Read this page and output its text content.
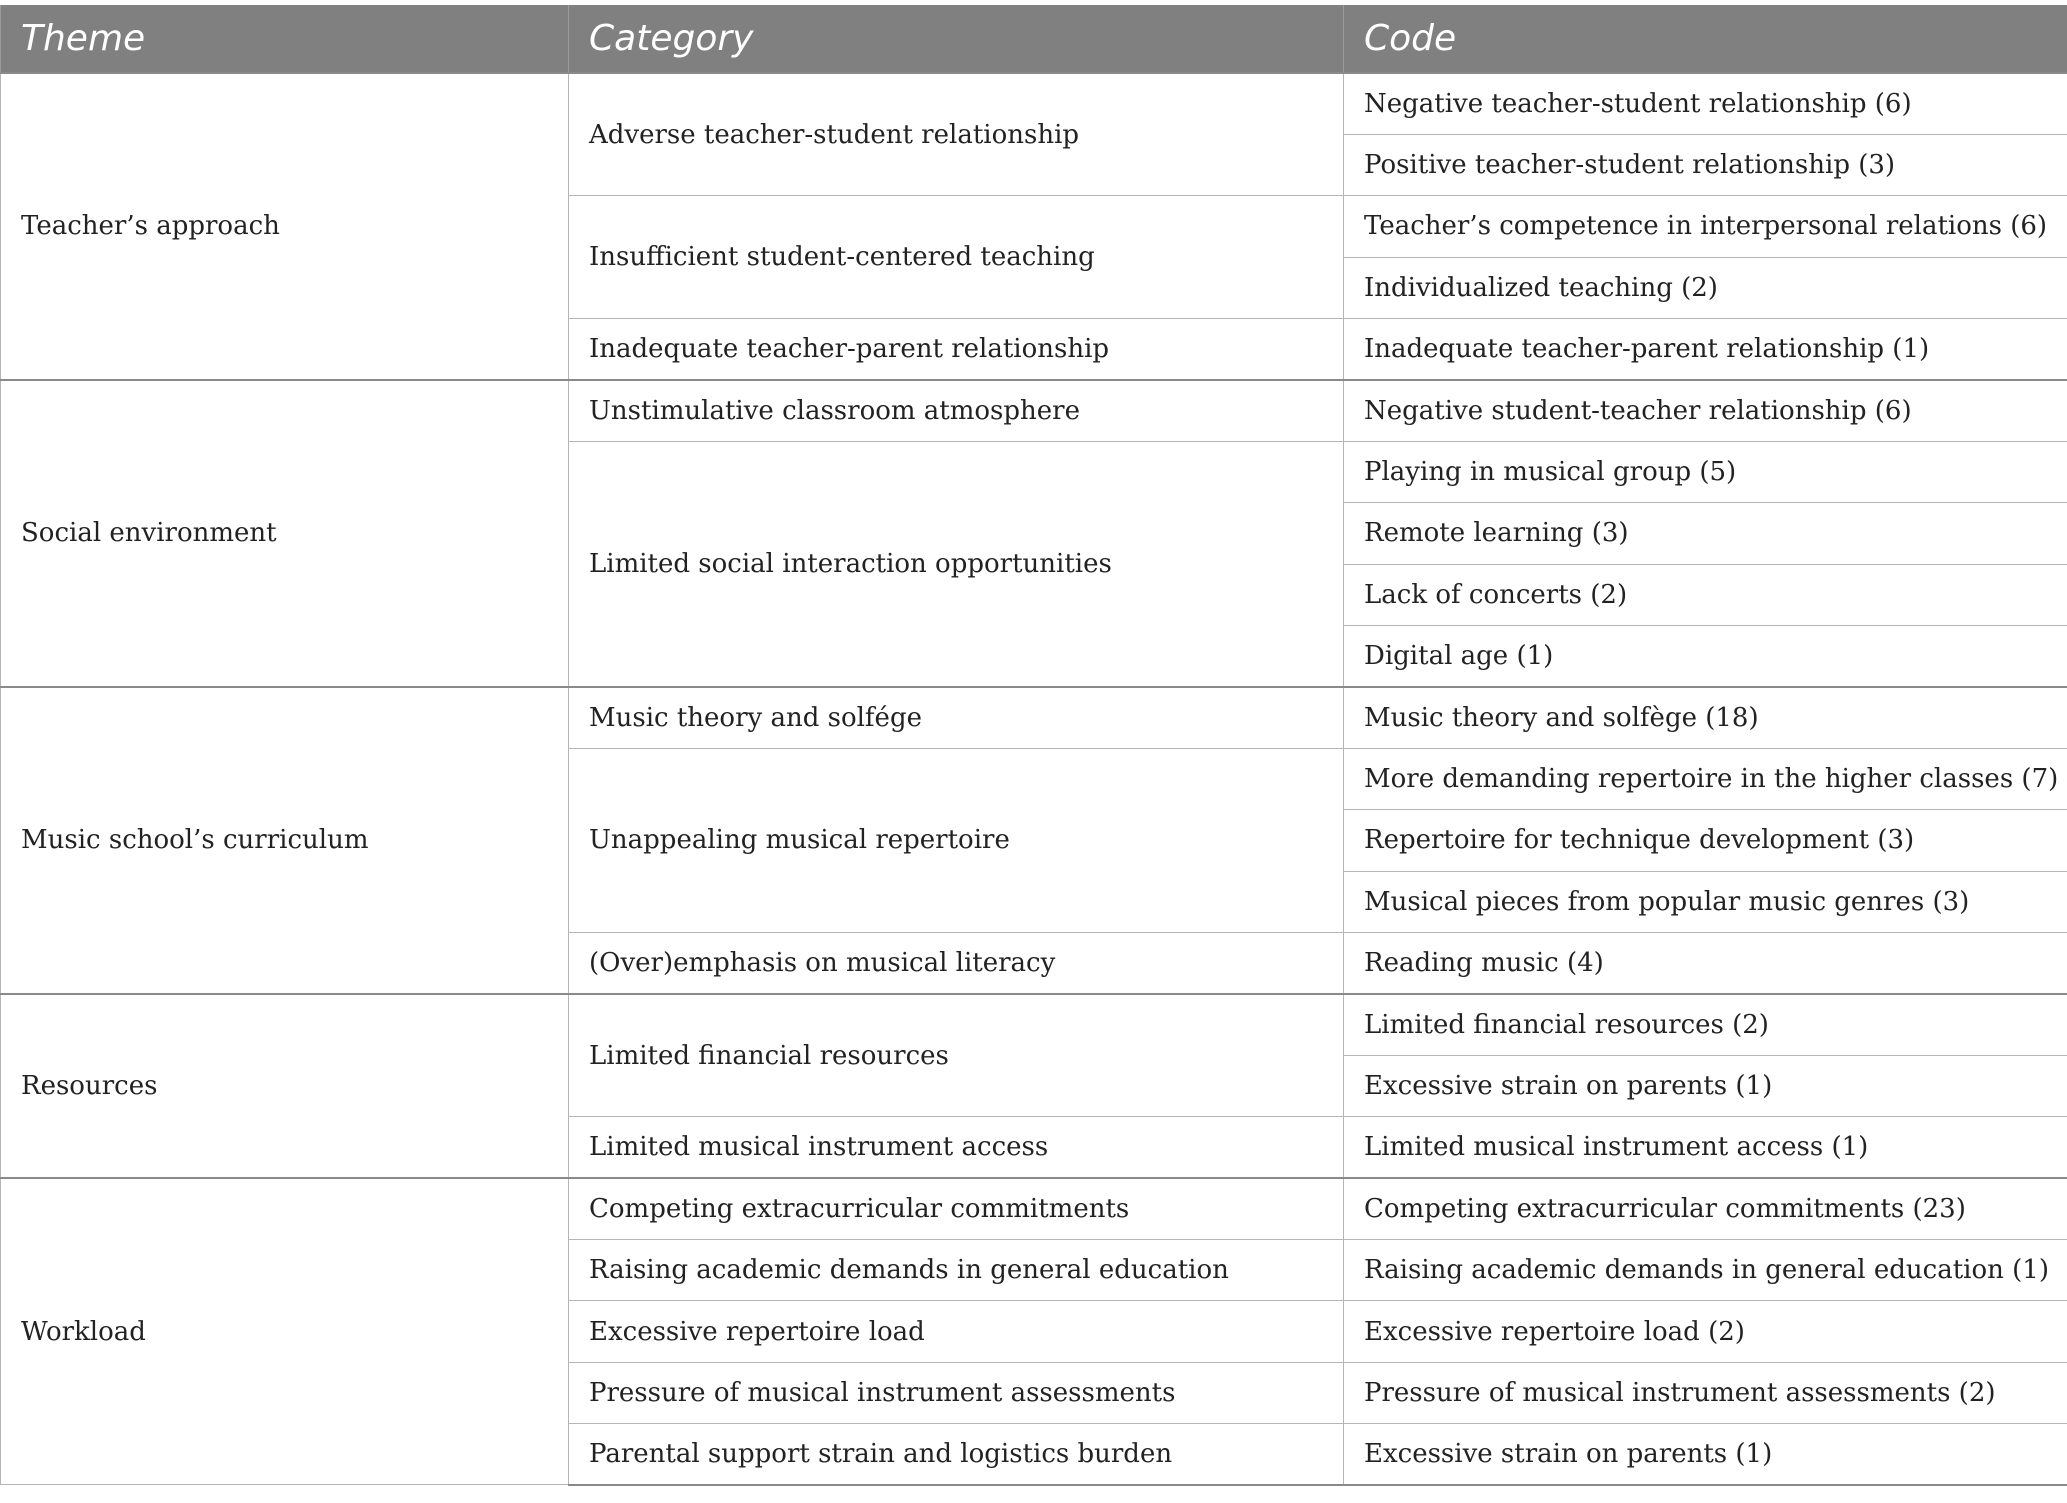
Theme	Category	Code
Teacher’s approach	Adverse teacher-student relationship	Negative teacher-student relationship (6)
		Positive teacher-student relationship (3)
	Insufficient student-centered teaching	Teacher’s competence in interpersonal relations (6)
		Individualized teaching (2)
	Inadequate teacher-parent relationship	Inadequate teacher-parent relationship (1)
Social environment	Unstimulative classroom atmosphere	Negative student-teacher relationship (6)
	Limited social interaction opportunities	Playing in musical group (5)
		Remote learning (3)
		Lack of concerts (2)
		Digital age (1)
Music school’s curriculum	Music theory and solfége	Music theory and solfège (18)
	Unappealing musical repertoire	More demanding repertoire in the higher classes (7)
		Repertoire for technique development (3)
		Musical pieces from popular music genres (3)
	(Over)emphasis on musical literacy	Reading music (4)
Resources	Limited financial resources	Limited financial resources (2)
		Excessive strain on parents (1)
	Limited musical instrument access	Limited musical instrument access (1)
Workload	Competing extracurricular commitments	Competing extracurricular commitments (23)
	Raising academic demands in general education	Raising academic demands in general education (1)
	Excessive repertoire load	Excessive repertoire load (2)
	Pressure of musical instrument assessments	Pressure of musical instrument assessments (2)
	Parental support strain and logistics burden	Excessive strain on parents (1)
